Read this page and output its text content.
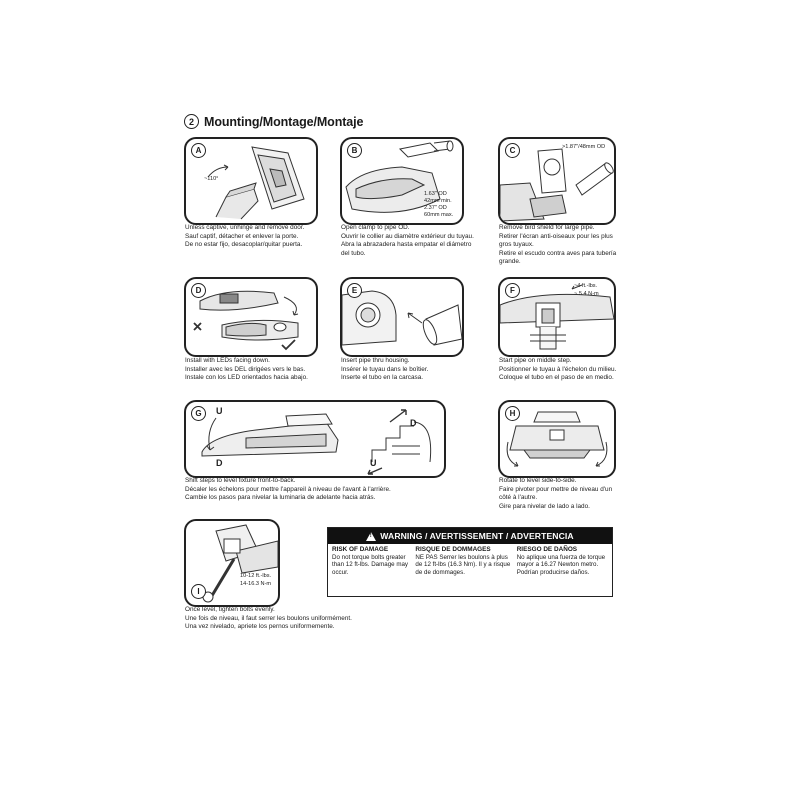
2 Mounting/Montage/Montaje
~110°
A
Unless captive, unhinge and remove door.
Sauf captif, détacher et enlever la porte.
De no estar fijo, desacoplar/quitar puerta.
1.63" OD
42mm min.
2.37" OD
60mm max.
B
Open clamp to pipe OD.
Ouvrir le collier au diamètre extérieur du tuyau.
Abra la abrazadera hasta empatar el diámetro del tubo.
>1.87"/48mm OD
C
Remove bird shield for large pipe.
Retirer l'écran anti-oiseaux pour les plus gros tuyaux.
Retire el escudo contra aves para tubería grande.
D
Install with LEDs facing down.
Installer avec les DEL dirigées vers le bas.
Instale con los LED orientados hacia abajo.
E
Insert pipe thru housing.
Insérer le tuyau dans le boîtier.
Inserte el tubo en la carcasa.
~4 ft.-lbs.
~ 5.4 N-m
F
Start pipe on middle step.
Positionner le tuyau à l'échelon du milieu.
Coloque el tubo en el paso de en medio.
U
D
D
U
G
Shift steps to level fixture front-to-back.
Décaler les échelons pour mettre l'appareil à niveau de l'avant à l'arrière.
Cambie los pasos para nivelar la luminaria de adelante hacia atrás.
H
Rotate to level side-to-side.
Faire pivoter pour mettre de niveau d'un côté à l'autre.
Gire para nivelar de lado a lado.
10-12 ft.-lbs.
14-16.3 N-m
I
Once level, tighten bolts evenly.
Une fois de niveau, il faut serrer les boulons uniformément.
Una vez nivelado, apriete los pernos uniformemente.
!
WARNING / AVERTISSEMENT / ADVERTENCIA
RISK OF DAMAGE
Do not torque bolts greater than 12 ft-lbs. Damage may occur.
RISQUE DE DOMMAGES
NE PAS Serrer les boulons à plus de 12 ft-lbs (16.3 Nm). Il y a risque de de dommages.
RIESGO DE DAÑOS
No aplique una fuerza de torque mayor a 16.27 Newton metro. Podrían producirse daños.
